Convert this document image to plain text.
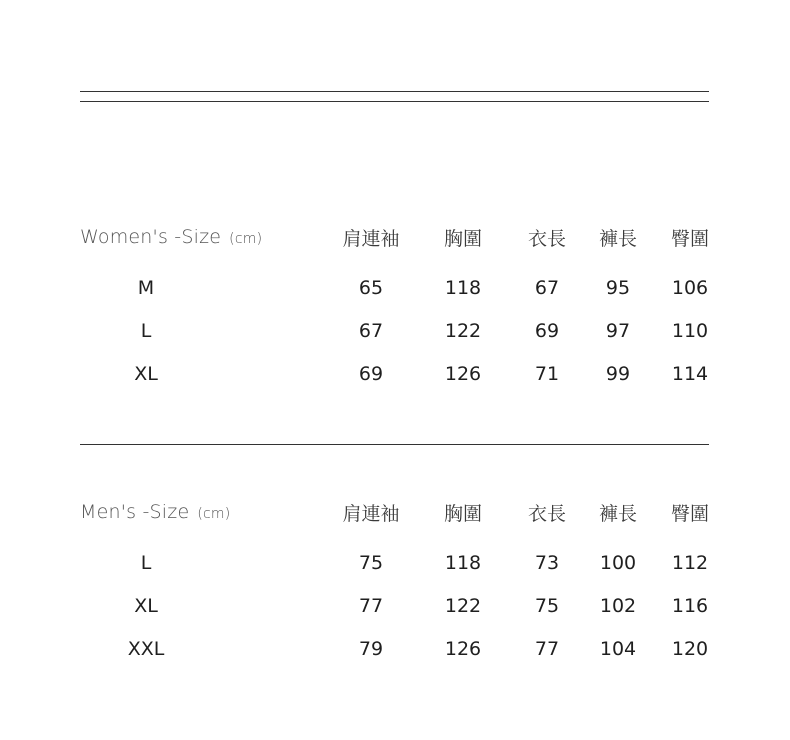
Women's -Size (cm)	肩連袖	胸圍	衣長	褲長	臀圍
M	65	118	67	95	106
L	67	122	69	97	110
XL	69	126	71	99	114
Men's -Size (cm)	肩連袖	胸圍	衣長	褲長	臀圍
L	75	118	73	100	112
XL	77	122	75	102	116
XXL	79	126	77	104	120
